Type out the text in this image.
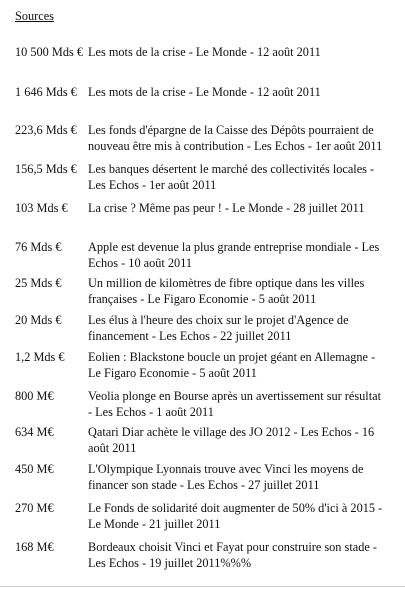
Sources
10 500 Mds € Les mots de la crise - Le Monde - 12 août 2011
1 646 Mds € Les mots de la crise - Le Monde - 12 août 2011
223,6 Mds € Les fonds d'épargne de la Caisse des Dépôts pourraient de nouveau être mis à contribution - Les Echos - 1er août 2011
156,5 Mds € Les banques désertent le marché des collectivités locales - Les Echos - 1er août 2011
103 Mds €	La crise ? Même pas peur ! - Le Monde - 28 juillet 2011
76 Mds €	Apple est devenue la plus grande entreprise mondiale - Les Echos - 10 août 2011
25 Mds €	Un million de kilomètres de fibre optique dans les villes françaises - Le Figaro Economie - 5 août 2011
20 Mds €	Les élus à l'heure des choix sur le projet d'Agence de financement - Les Echos - 22 juillet 2011
1,2 Mds €	Eolien : Blackstone boucle un projet géant en Allemagne - Le Figaro Economie - 5 août 2011
800 M€	Veolia plonge en Bourse après un avertissement sur résultat - Les Echos - 1 août 2011
634 M€	Qatari Diar achète le village des JO 2012 - Les Echos - 16 août 2011
450 M€	L'Olympique Lyonnais trouve avec Vinci les moyens de financer son stade - Les Echos - 27 juillet 2011
270 M€	Le Fonds de solidarité doit augmenter de 50% d'ici à 2015 - Le Monde - 21 juillet 2011
168 M€	Bordeaux choisit Vinci et Fayat pour construire son stade - Les Echos - 19 juillet 2011%%%
